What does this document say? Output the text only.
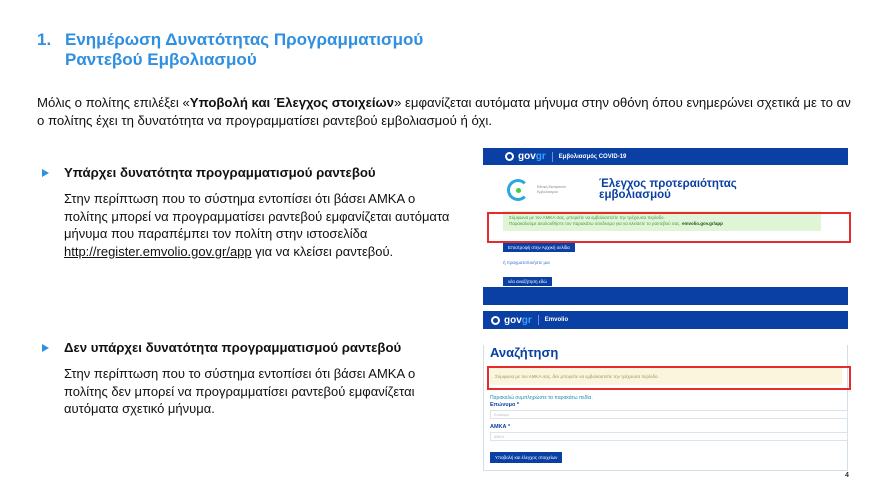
1. Ενημέρωση Δυνατότητας Προγραμματισμού
Ραντεβού Εμβολιασμού
Μόλις ο πολίτης επιλέξει «Υποβολή και Έλεγχος στοιχείων» εμφανίζεται αυτόματα μήνυμα στην οθόνη όπου ενημερώνει σχετικά με το αν ο πολίτης έχει τη δυνατότητα να προγραμματίσει ραντεβού εμβολιασμού ή όχι.
Υπάρχει δυνατότητα προγραμματισμού ραντεβού
Στην περίπτωση που το σύστημα εντοπίσει ότι βάσει ΑΜΚΑ ο πολίτης μπορεί να προγραμματίσει ραντεβού εμφανίζεται αυτόματα μήνυμα που παραπέμπει τον πολίτη στην ιστοσελίδα http://register.emvolio.gov.gr/app για να κλείσει ραντεβού.
Δεν υπάρχει δυνατότητα προγραμματισμού ραντεβού
Στην περίπτωση που το σύστημα εντοπίσει ότι βάσει ΑΜΚΑ ο πολίτης δεν μπορεί να προγραμματίσει ραντεβού εμφανίζεται αυτόματα σχετικό μήνυμα.
gov gr Εμβολιασμός COVID-19
Εθνική Εκστρατεία Εμβολιασμού
Έλεγχος προτεραιότητας εμβολιασμού
Σύμφωνα με τον ΑΜΚΑ σας, μπορείτε να εμβολιαστείτε την τρέχουσα περίοδο.
Παρακαλούμε ακολουθήστε τον παρακάτω σύνδεσμο για να κλείσετε το ραντεβού σας. emvolio.gov.gr/app
Επιστροφή στην Αρχική σελίδα
ή πραγματοποιήστε μια
νέα αναζήτηση εδώ
gov gr Emvolio
Αναζήτηση
Σύμφωνα με τον ΑΜΚΑ σας, δεν μπορείτε να εμβολιαστείτε την τρέχουσα περίοδο.
Παρακαλώ συμπληρώστε τα παρακάτω πεδία.
Επώνυμο *
Επώνυμο
ΑΜΚΑ *
ΑΜΚΑ
Υποβολή και έλεγχος στοιχείων
4
